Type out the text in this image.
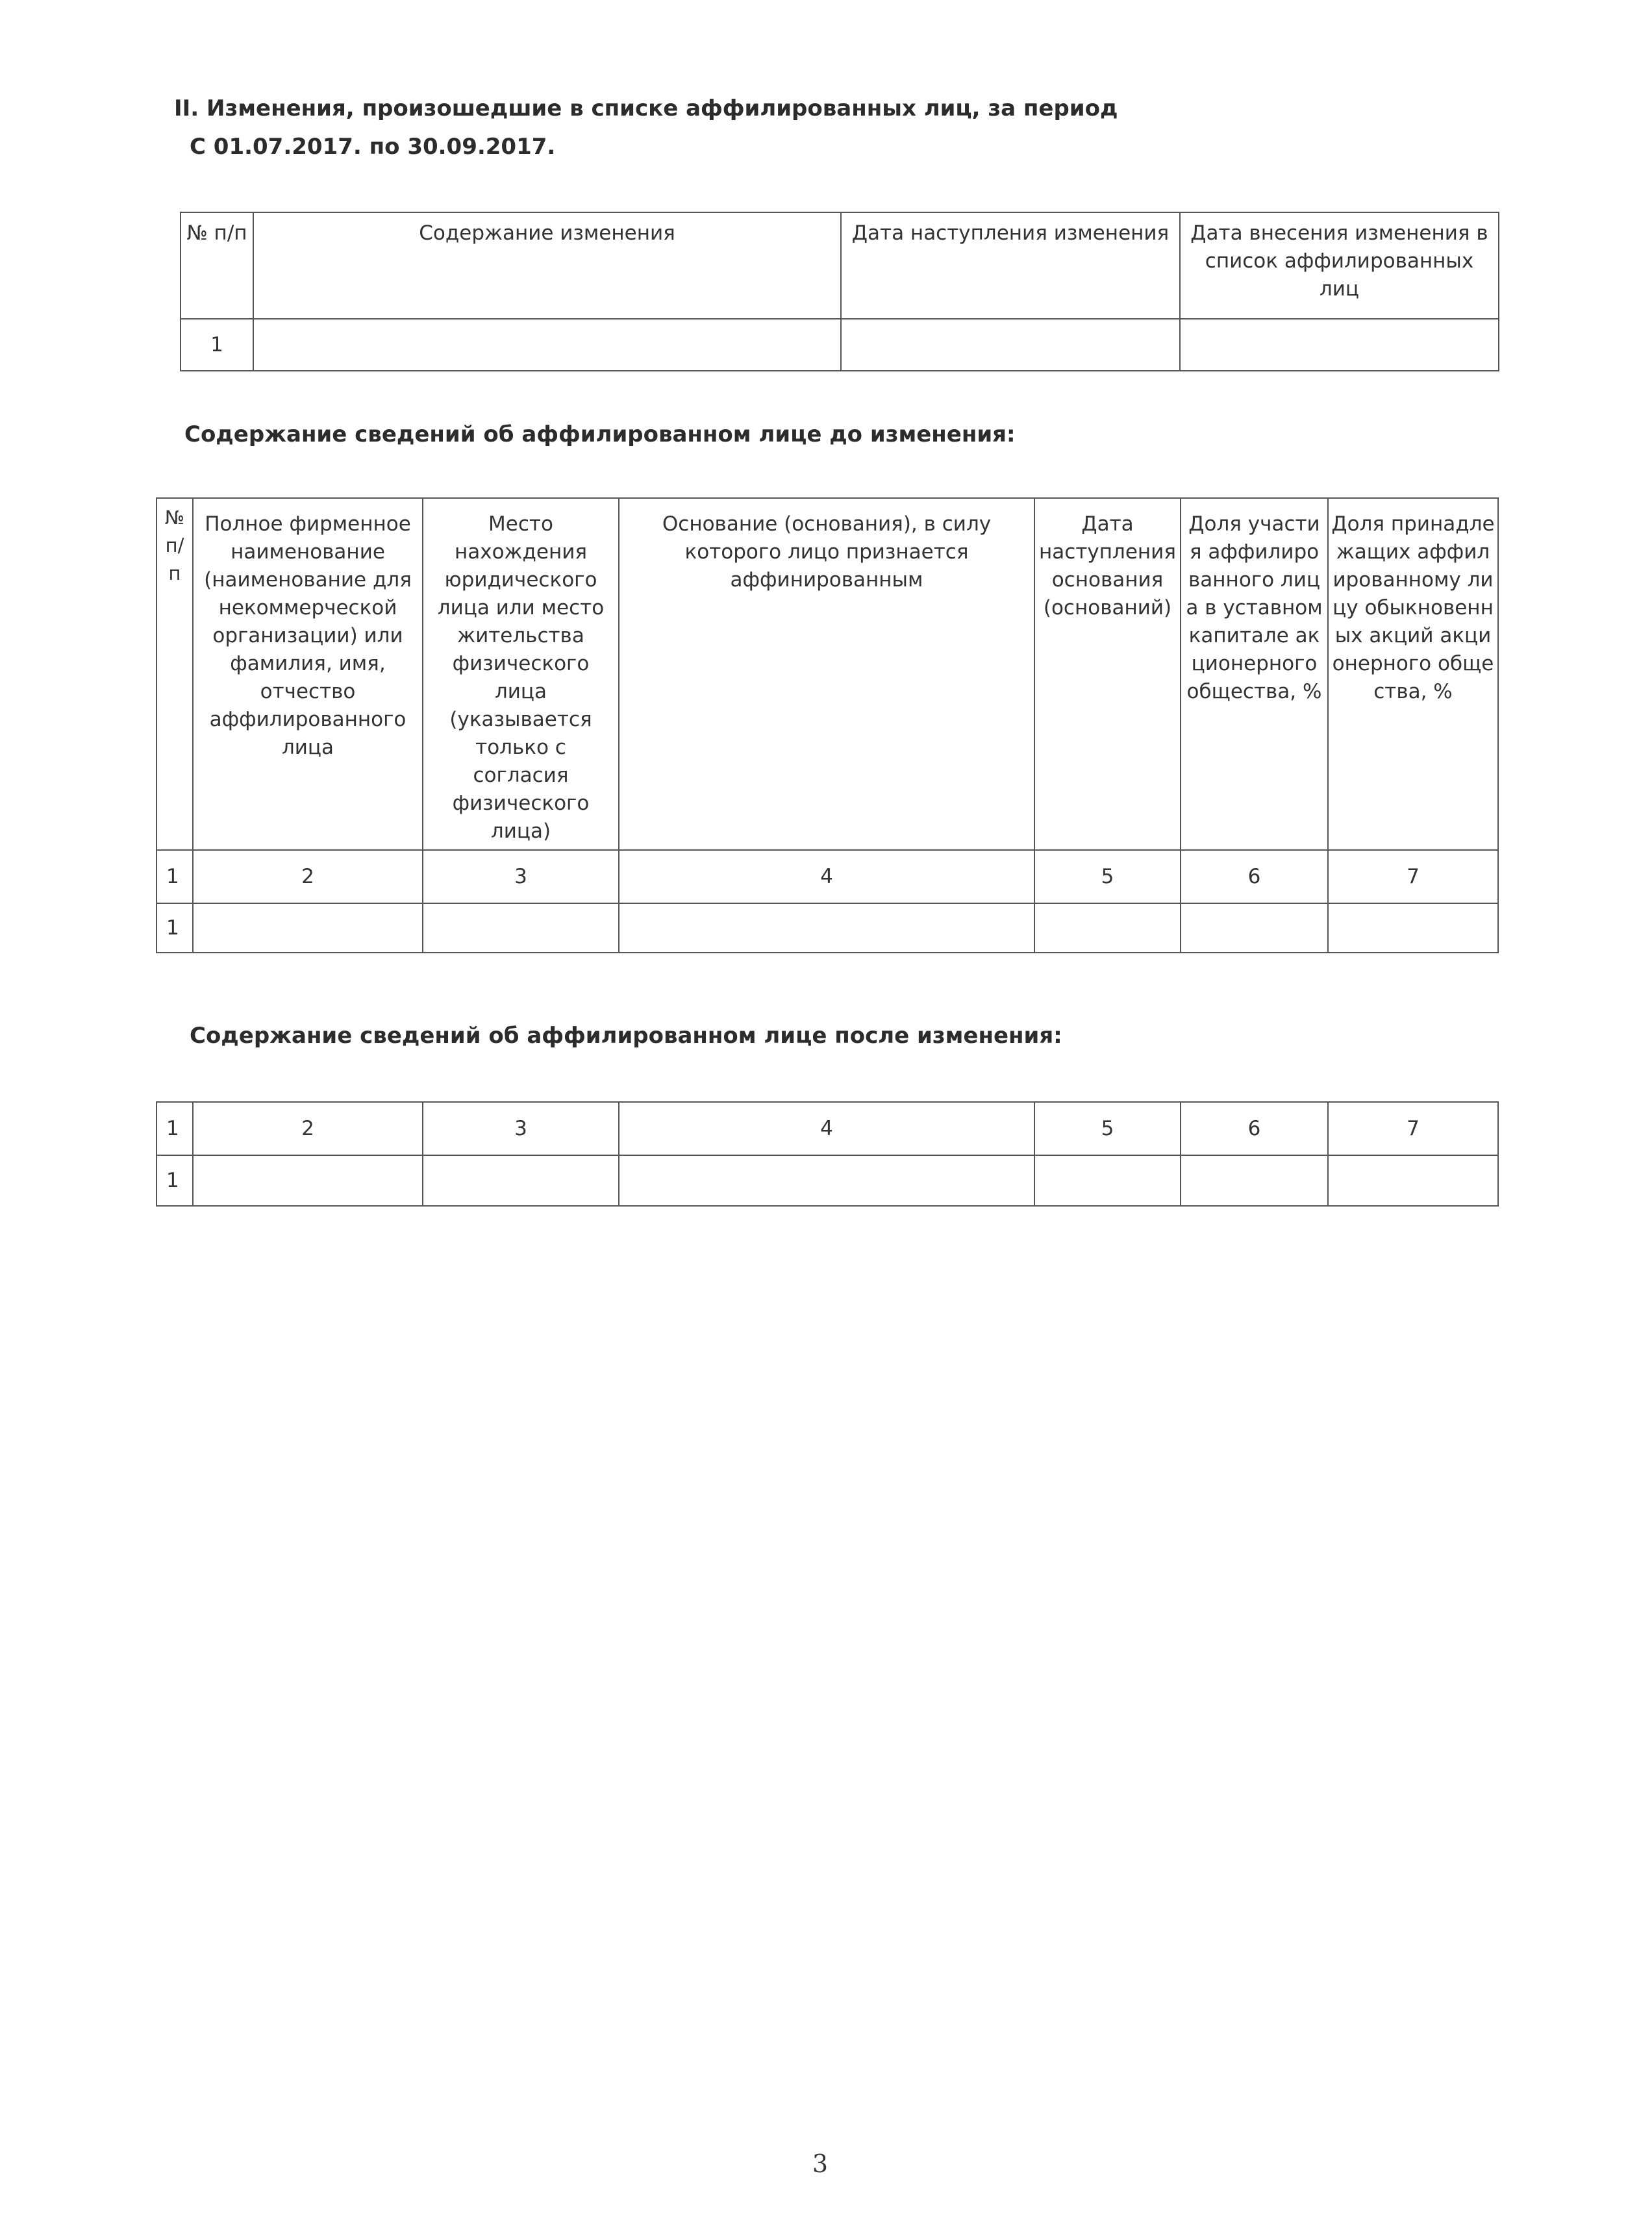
II. Изменения, произошедшие в списке аффилированных лиц, за период
С 01.07.2017. по 30.09.2017.
№ п/п	Содержание изменения	Дата наступления изменения	Дата внесения изменения в список аффилированных лиц
1			
Содержание сведений об аффилированном лице до изменения:
№ п/ п	Полное фирменное наименование (наименование для некоммерческой организации) или фамилия, имя, отчество аффилированного лица	Место нахождения юридического лица или место жительства физического лица (указывается только с согласия физического лица)	Основание (основания), в силу которого лицо признается аффинированным	Дата наступления основания (оснований)	Доля участия аффилированного лица в уставном капитале акционерного общества, %	Доля принадлежащих аффилированному лицу обыкновенных акций акционерного общества, %
1	2	3	4	5	6	7
1						
Содержание сведений об аффилированном лице после изменения:
1	2	3	4	5	6	7
1						
3
